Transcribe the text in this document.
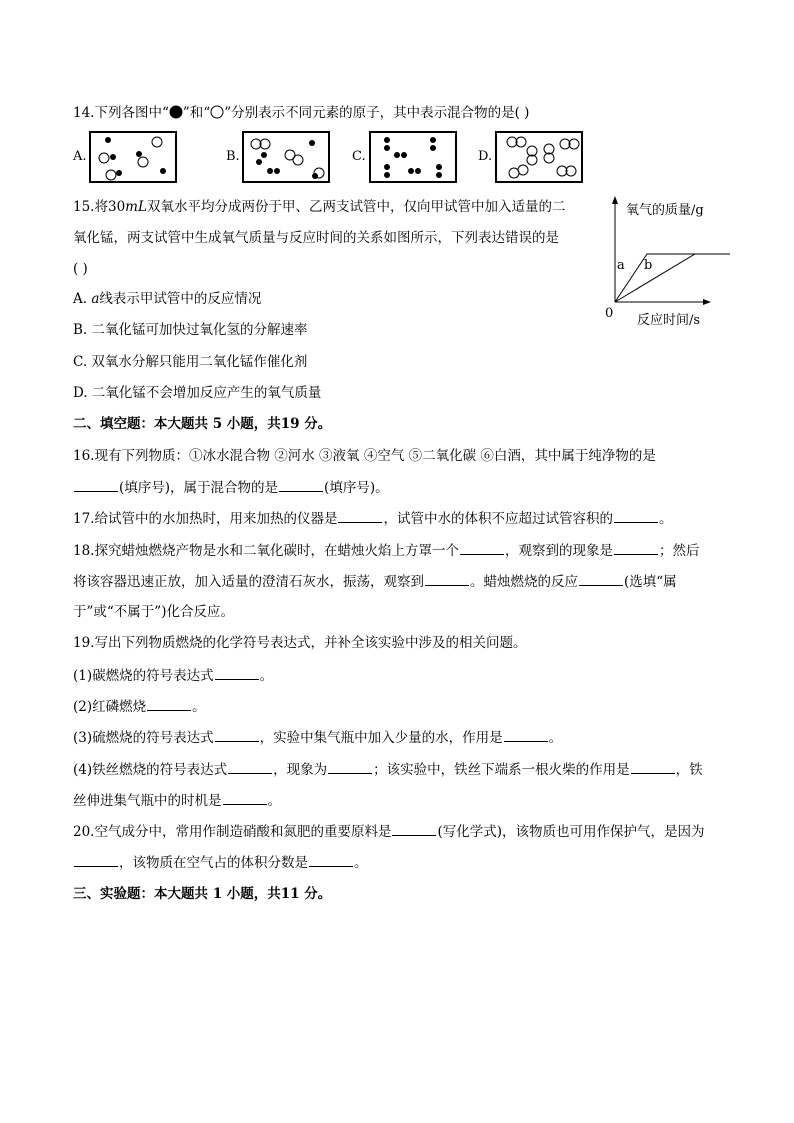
14.下列各图中“ ”和“ ”分别表示不同元素的原子，其中表示混合物的是( )
A.	B.	C.	D.
15.将30mL双氧水平均分成两份于甲、乙两支试管中，仅向甲试管中加入适量的二
氧化锰，两支试管中生成氧气质量与反应时间的关系如图所示，下列表达错误的是
( )
A. a线表示甲试管中的反应情况
B. 二氧化锰可加快过氧化氢的分解速率
C. 双氧水分解只能用二氧化锰作催化剂
D. 二氧化锰不会增加反应产生的氧气质量
氧气的质量/g
a b
0 反应时间/s
二、填空题：本大题共 5 小题，共19 分。
16.现有下列物质：①冰水混合物 ②河水 ③液氧 ④空气 ⑤二氧化碳 ⑥白酒，其中属于纯净物的是
(填序号)，属于混合物的是	(填序号)。
17.给试管中的水加热时，用来加热的仪器是	，试管中水的体积不应超过试管容积的	。
18.探究蜡烛燃烧产物是水和二氧化碳时，在蜡烛火焰上方罩一个	，观察到的现象是	；然后
将该容器迅速正放，加入适量的澄清石灰水，振荡，观察到	。蜡烛燃烧的反应	(选填“属
于”或“不属于”)化合反应。
19.写出下列物质燃烧的化学符号表达式，并补全该实验中涉及的相关问题。
(1)碳燃烧的符号表达式	。
(2)红磷燃烧	。
(3)硫燃烧的符号表达式	，实验中集气瓶中加入少量的水，作用是	。
(4)铁丝燃烧的符号表达式	，现象为	；该实验中，铁丝下端系一根火柴的作用是	，铁
丝伸进集气瓶中的时机是	。
20.空气成分中，常用作制造硝酸和氮肥的重要原料是	(写化学式)，该物质也可用作保护气，是因为
，该物质在空气占的体积分数是	。
三、实验题：本大题共 1 小题，共11 分。
